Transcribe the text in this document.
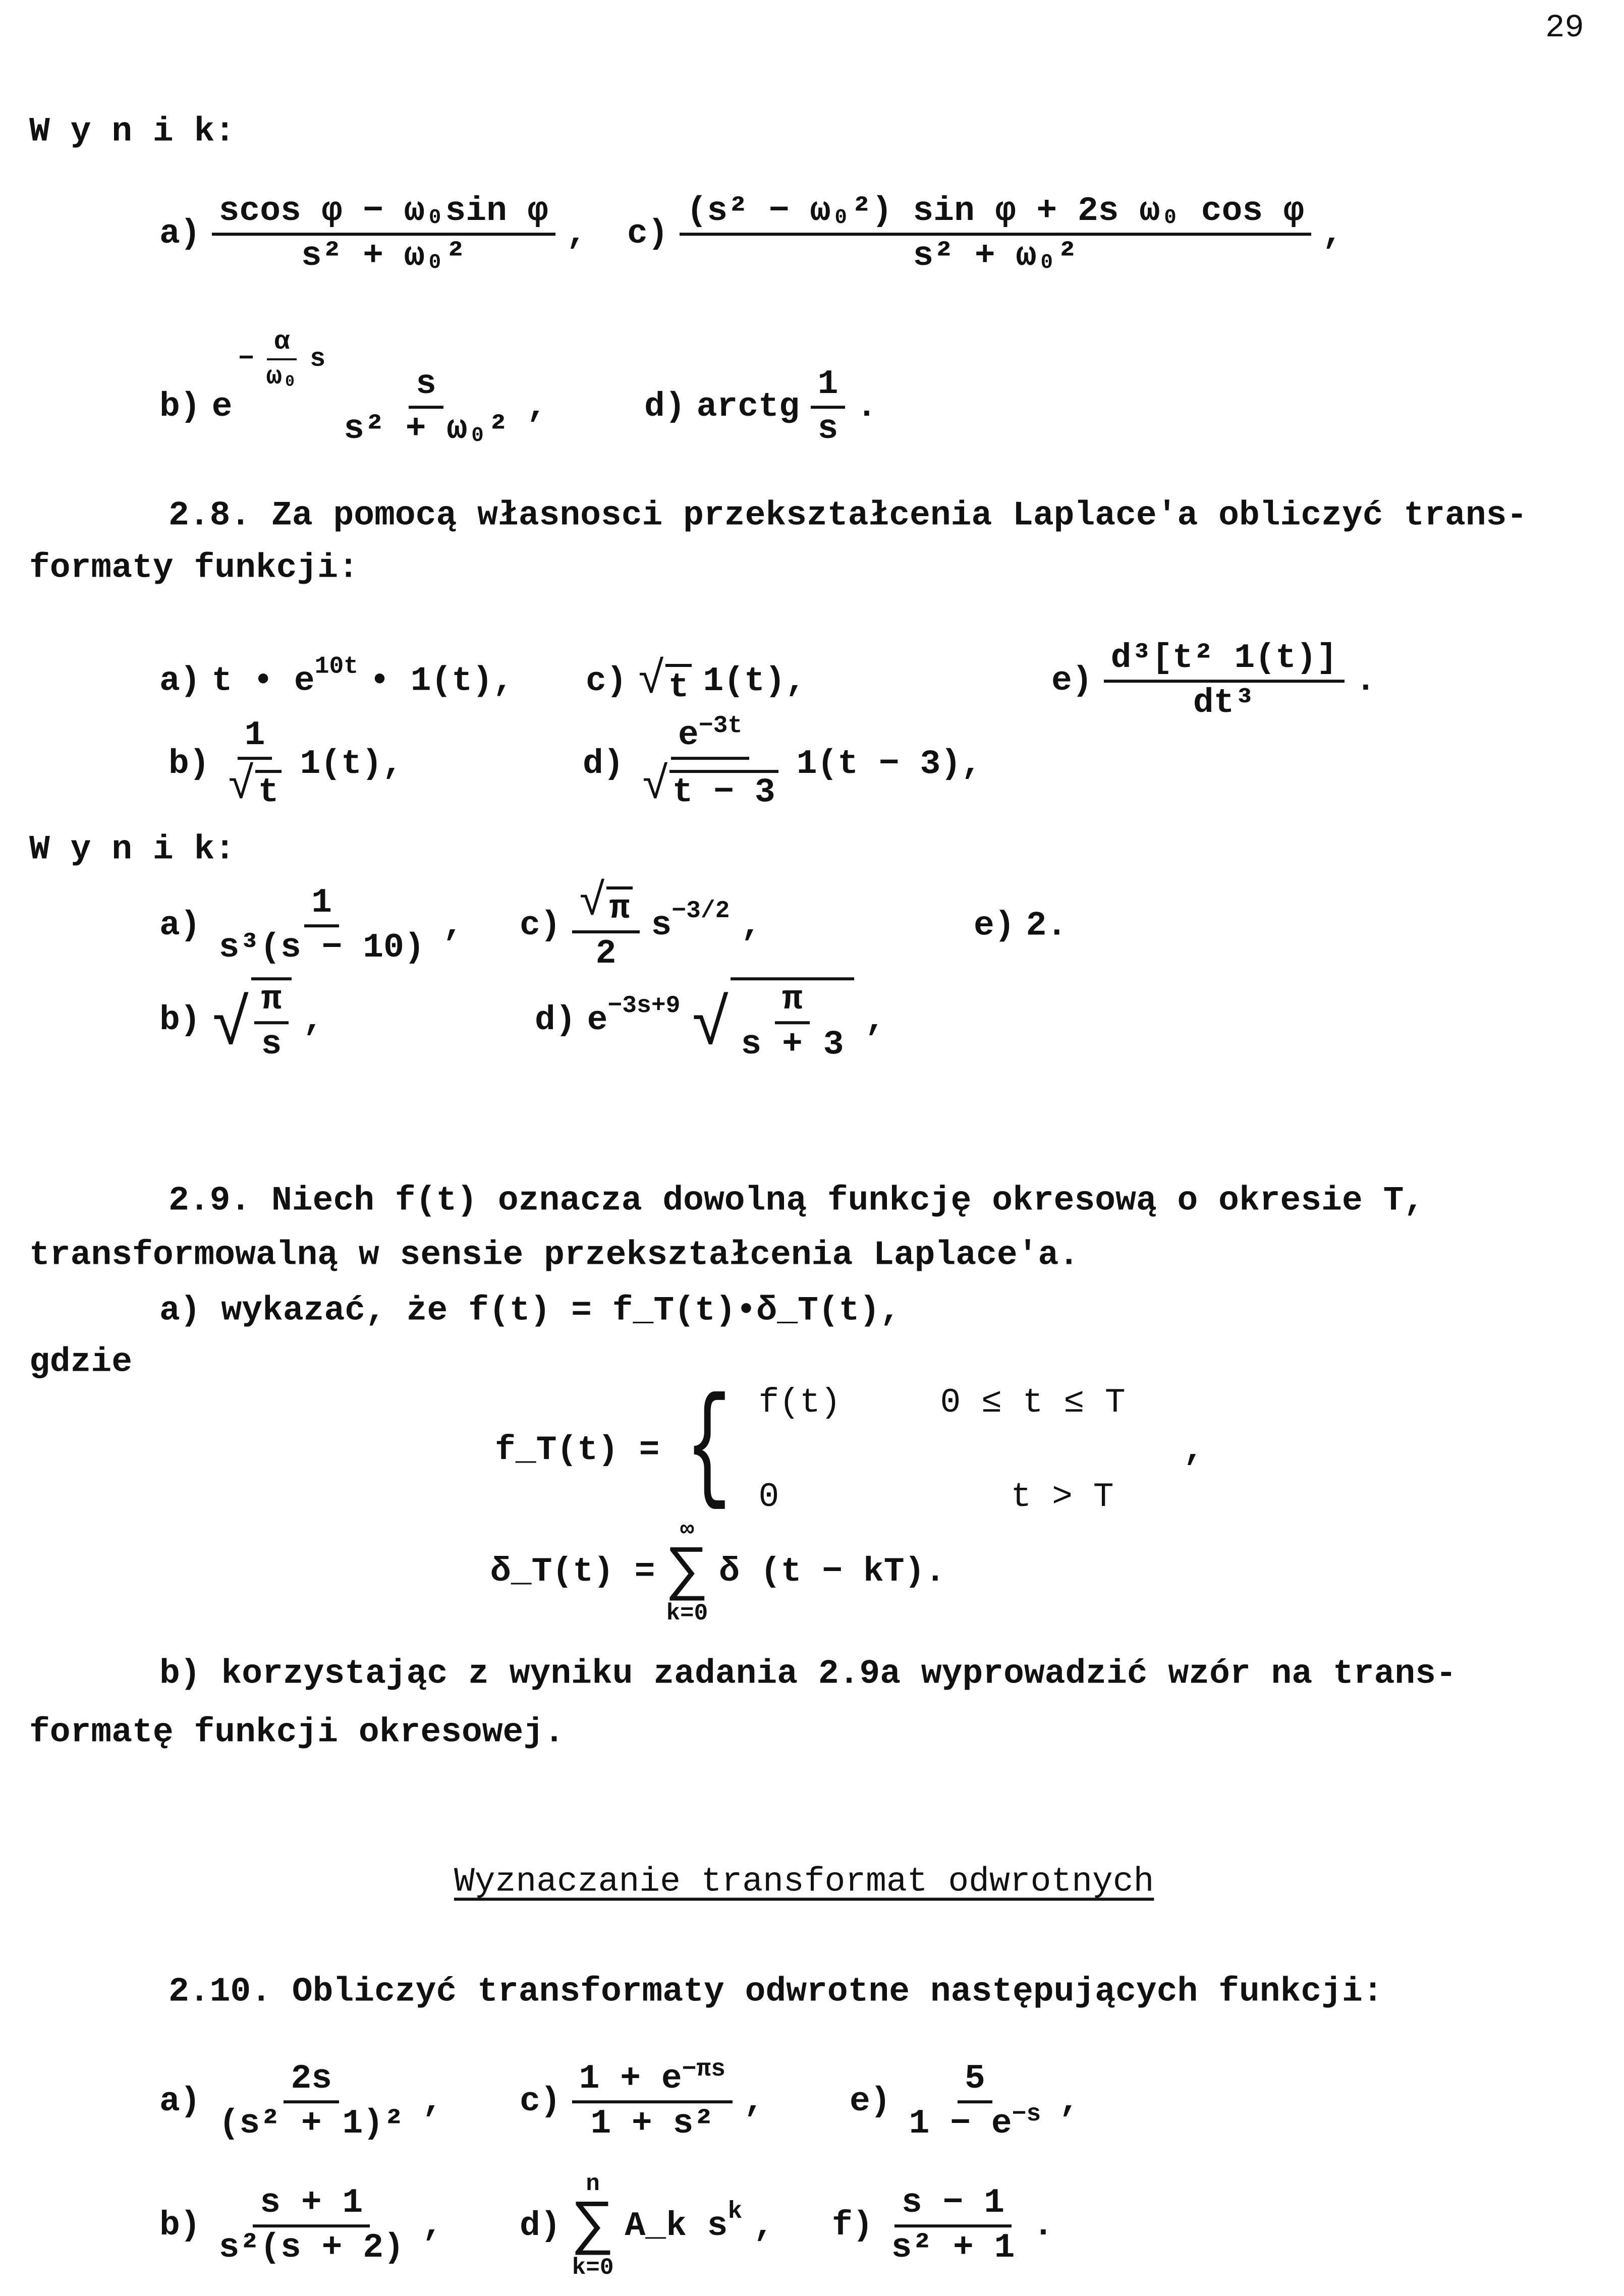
29
W y n i k:
$a) \frac{\text{scos φ − ω₀sin φ}}{\text{s² + ω₀²}}$ , $c) \frac{\text{(s² − ω₀²) sin φ + 2s ω₀ cos φ}}{\text{s² + ω₀²}}$ ,
b) e
− $\frac{\alpha}{\text{ω₀}}$ s
$\frac{s}{\text{s² + ω₀²}}$ ,	d) arctg $\frac{1}{s}$ .
2.8. Za pomocą własnosci przekształcenia Laplace'a obliczyć trans-
formaty funkcji:
a) t • $e^{10t}$ • 1(t), c) √ t 1(t),	$e) \frac{\text{d³[t² 1(t)]}}{\text{dt³}}$ .
$b) \frac{1}{√ t} 1(t)$,	$d) \frac{e^{-3t}}{√ t - 3} 1(t - 3)$,
W y n i k:
$a) \frac{1}{\text{s³(s − 10)}}$ , $c) \frac{√ \pi}{2} s^{-3/2}$ ,	e) 2.
b) √ $\frac{\pi}{s}$ ,	d) $e^{-3s+9}$ √ $\frac{\pi}{s + 3}$ ,
2.9. Niech f(t) oznacza dowolną funkcję okresową o okresie T,
transformowalną w sensie przekształcenia Laplace'a.
a) wykazać, że f(t) = f_T(t)•δ_T(t),
gdzie
f_T(t) = { f(t)	0 ≤ t ≤ T
0	t > T
,
δ_T(t) =
∞
∑
k=0
δ (t − kT).
b) korzystając z wyniku zadania 2.9a wyprowadzić wzór na trans-
formatę funkcji okresowej.
Wyznaczanie transformat odwrotnych
2.10. Obliczyć transformaty odwrotne następujących funkcji:
$a) \frac{2s}{\text{(s² + 1)²}}$ , $c) \frac{1 + e^{-\pi s}}{\text{1 + s²}}$ , $e) \frac{5}{1 - e^{-s}}$ ,
$b) \frac{s + 1}{\text{s²(s + 2)}}$ , d)
n
∑
k=0
A_k $s^k$ , $f) \frac{s - 1}{\text{s² + 1}}$ .
